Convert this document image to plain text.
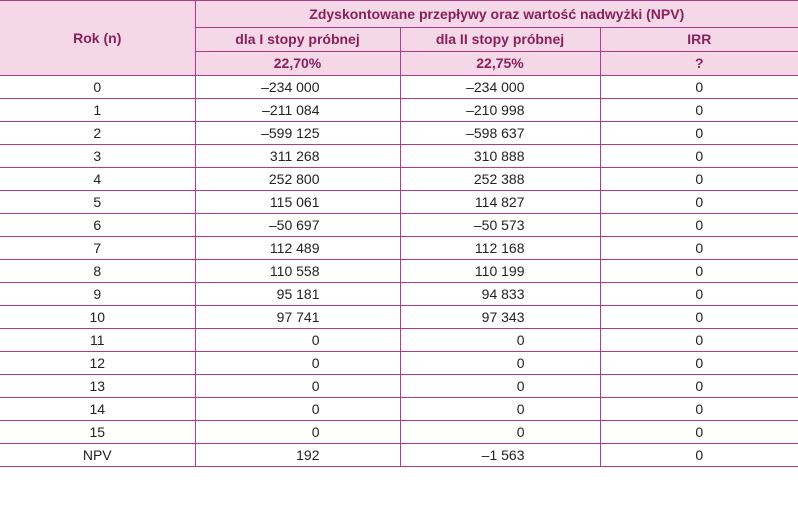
Rok (n)	Zdyskontowane przepływy oraz wartość nadwyżki (NPV)		
	dla I stopy próbnej	dla II stopy próbnej	IRR
	22,70%	22,75%	?
0	–234 000	–234 000	0
1	–211 084	–210 998	0
2	–599 125	–598 637	0
3	311 268	310 888	0
4	252 800	252 388	0
5	115 061	114 827	0
6	–50 697	–50 573	0
7	112 489	112 168	0
8	110 558	110 199	0
9	95 181	94 833	0
10	97 741	97 343	0
11	0	0	0
12	0	0	0
13	0	0	0
14	0	0	0
15	0	0	0
NPV	192	–1 563	0
